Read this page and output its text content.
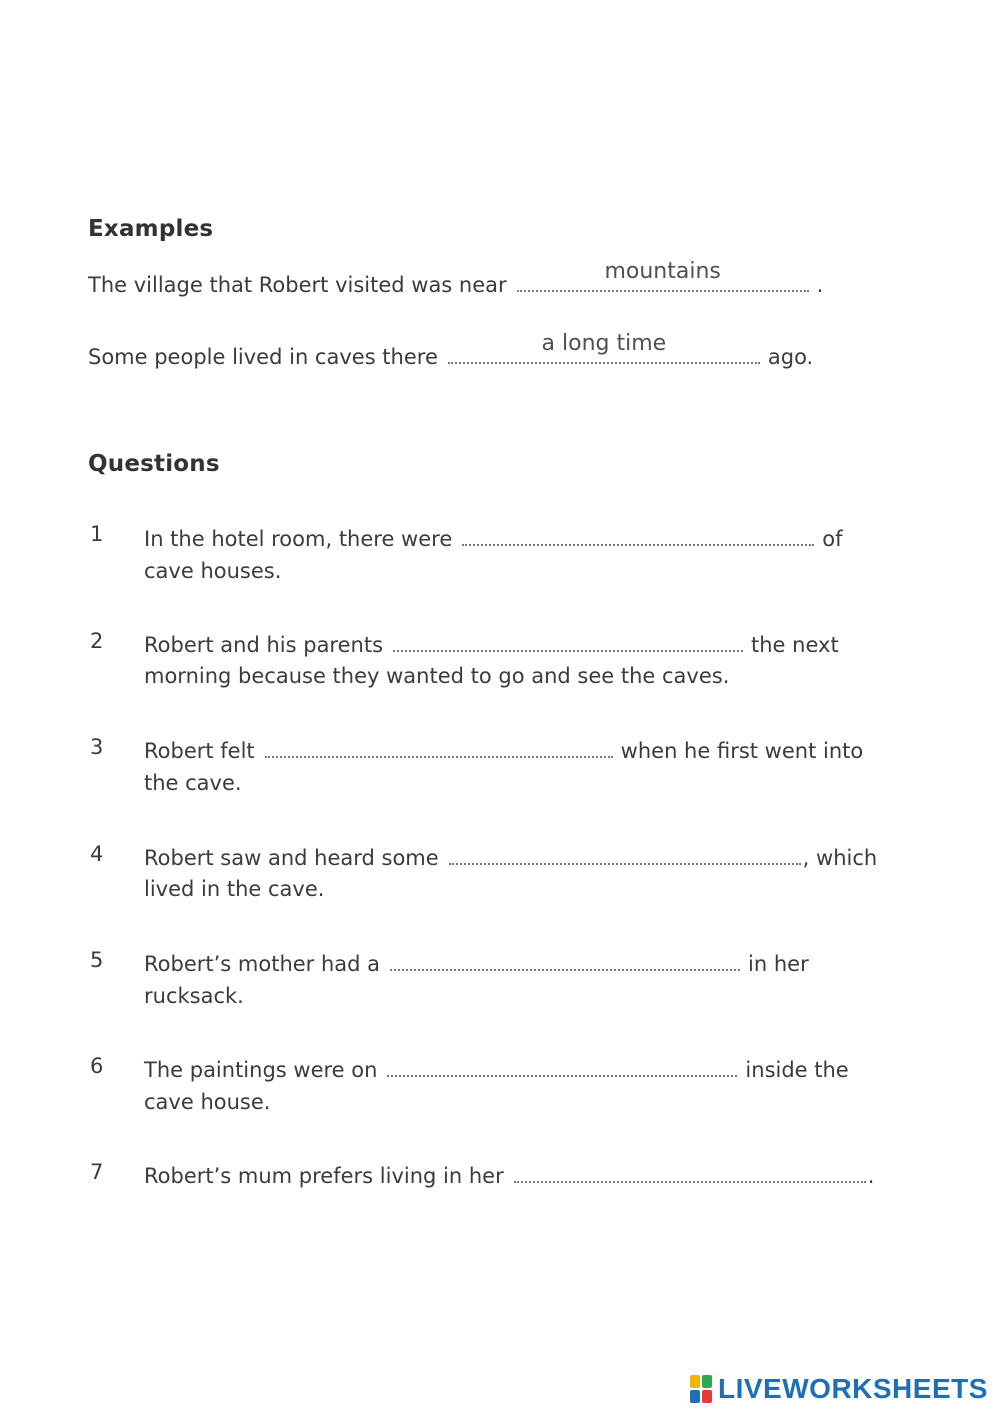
Examples
The village that Robert visited was near
mountains
.
Some people lived in caves there
a long time
ago.
Questions
1 In the hotel room, there were	of
cave houses.
2 Robert and his parents	the next
morning because they wanted to go and see the caves.
3 Robert felt	when he first went into
the cave.
4 Robert saw and heard some	, which
lived in the cave.
5 Robert’s mother had a	in her
rucksack.
6 The paintings were on	inside the
cave house.
7 Robert’s mum prefers living in her	.
LIVEWORKSHEETS
